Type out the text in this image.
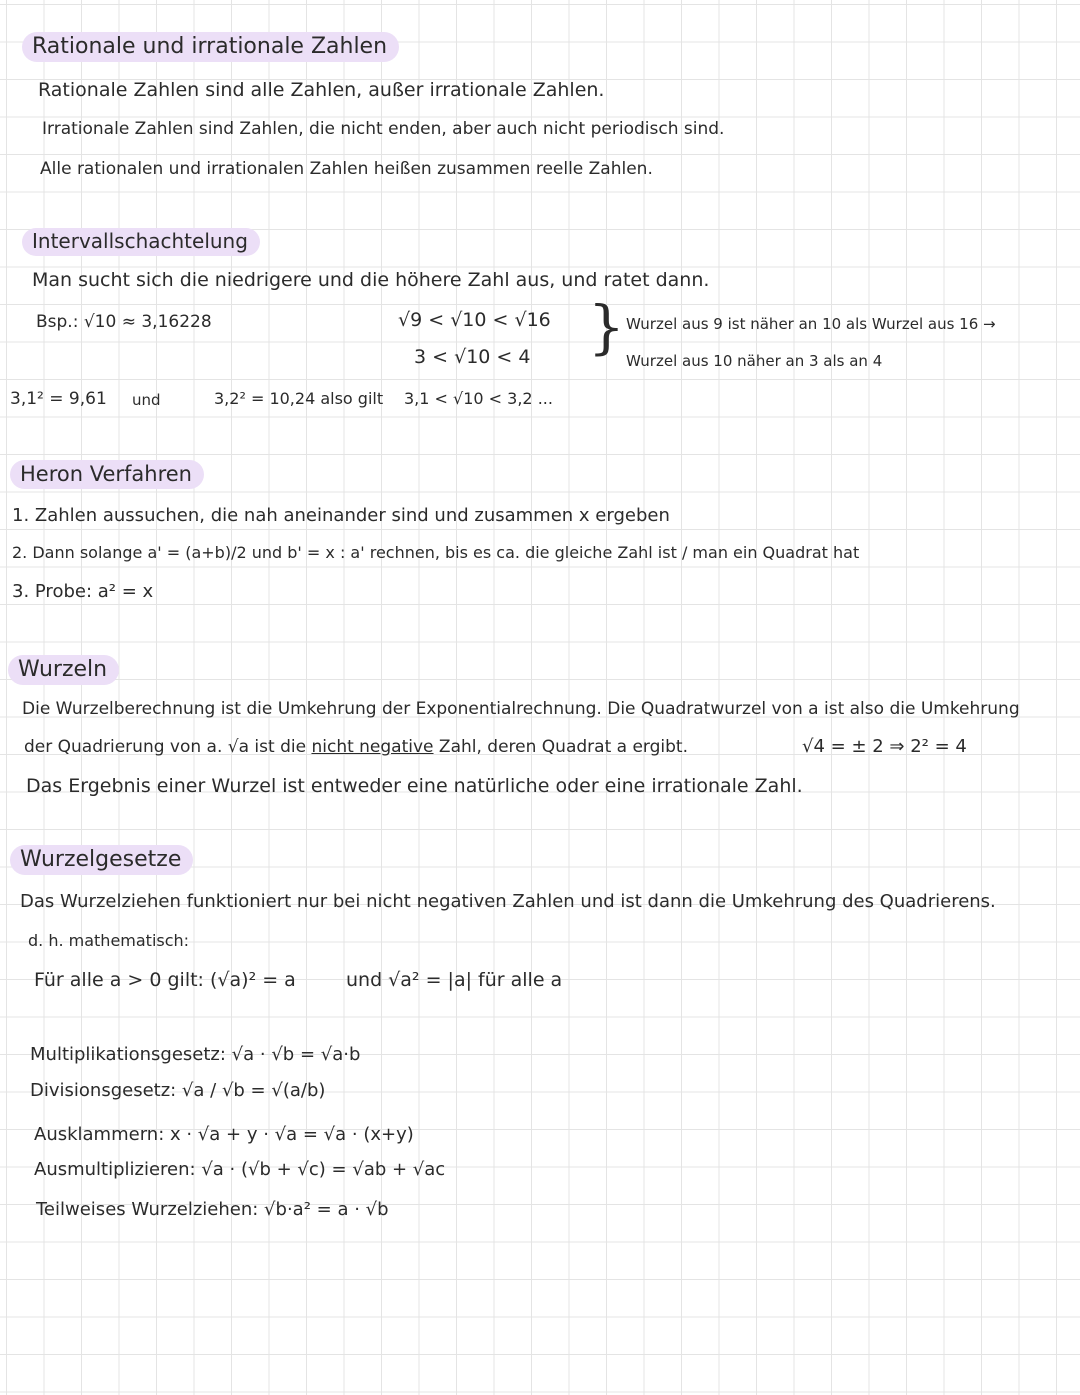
Rationale und irrationale Zahlen
Rationale Zahlen sind alle Zahlen, außer irrationale Zahlen.
Irrationale Zahlen sind Zahlen, die nicht enden, aber auch nicht periodisch sind.
Alle rationalen und irrationalen Zahlen heißen zusammen reelle Zahlen.
Intervallschachtelung
Man sucht sich die niedrigere und die höhere Zahl aus, und ratet dann.
Bsp.: √10 ≈ 3,16228	√9 < √10 < √16
3 < √10 < 4 } Wurzel aus 9 ist näher an 10 als Wurzel aus 16 →
Wurzel aus 10 näher an 3 als an 4
3,1² = 9,61 und	3,2² = 10,24 also gilt 3,1 < √10 < 3,2 ...
Heron Verfahren
1. Zahlen aussuchen, die nah aneinander sind und zusammen x ergeben
2. Dann solange a' = (a+b)/2 und b' = x : a' rechnen, bis es ca. die gleiche Zahl ist / man ein Quadrat hat
3. Probe: a² = x
Wurzeln
Die Wurzelberechnung ist die Umkehrung der Exponentialrechnung. Die Quadratwurzel von a ist also die Umkehrung
der Quadrierung von a. √a ist die nicht negative Zahl, deren Quadrat a ergibt.	√4 = ± 2 ⇒ 2² = 4
Das Ergebnis einer Wurzel ist entweder eine natürliche oder eine irrationale Zahl.
Wurzelgesetze
Das Wurzelziehen funktioniert nur bei nicht negativen Zahlen und ist dann die Umkehrung des Quadrierens.
d. h. mathematisch:
Für alle a > 0 gilt: (√a)² = a	und √a² = |a| für alle a
Multiplikationsgesetz: √a · √b = √a·b
Divisionsgesetz: √a / √b = √(a/b)
Ausklammern: x · √a + y · √a = √a · (x+y)
Ausmultiplizieren: √a · (√b + √c) = √ab + √ac
Teilweises Wurzelziehen: √b·a² = a · √b
